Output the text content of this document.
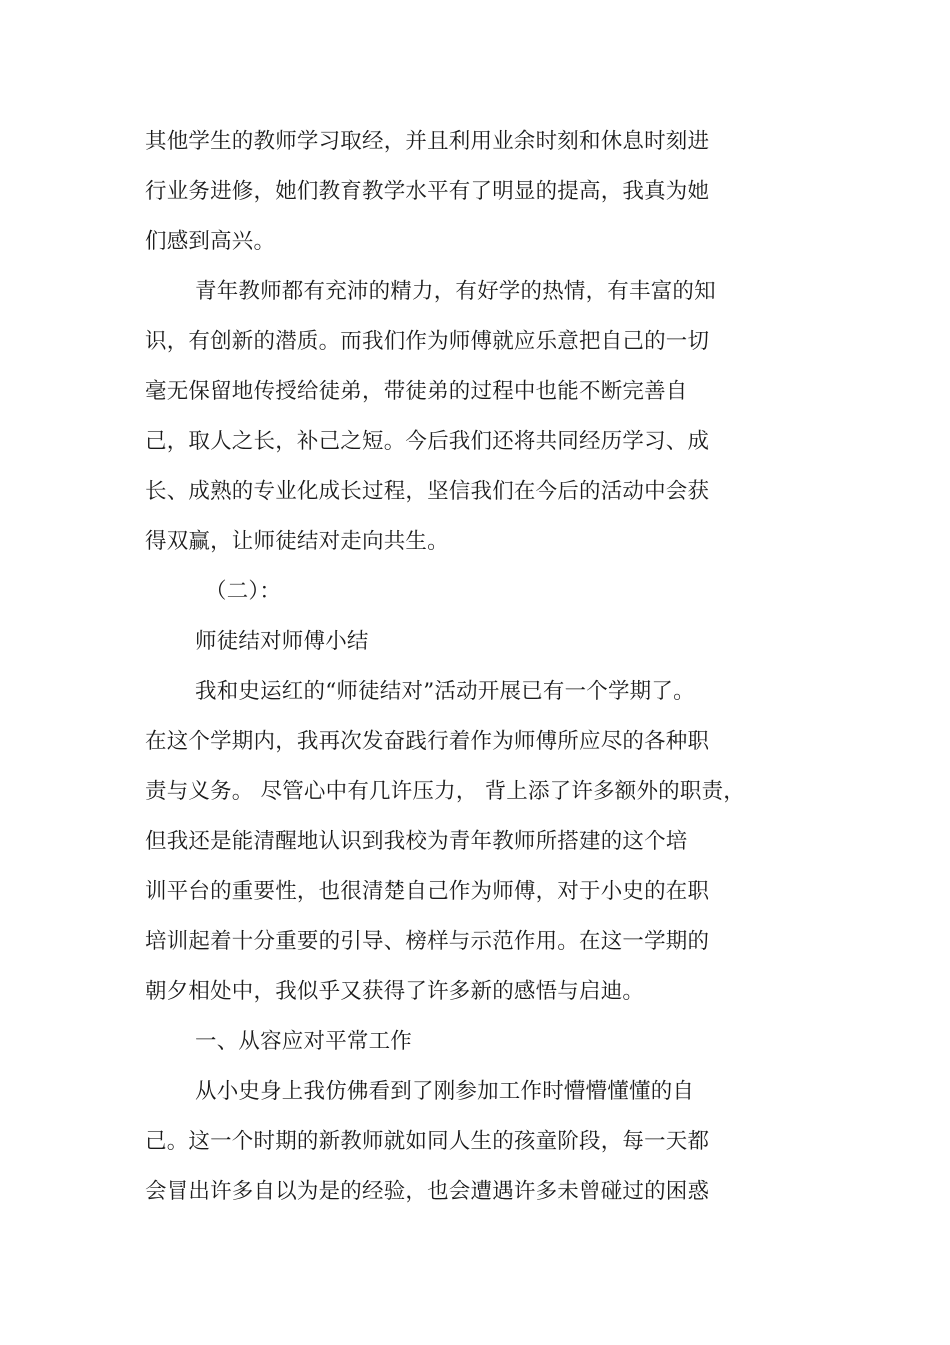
其他学生的教师学习取经，并且利用业余时刻和休息时刻进

行业务进修，她们教育教学水平有了明显的提高，我真为她

们感到高兴。

青年教师都有充沛的精力，有好学的热情，有丰富的知

识，有创新的潜质。而我们作为师傅就应乐意把自己的一切

毫无保留地传授给徒弟，带徒弟的过程中也能不断完善自

己，取人之长，补己之短。今后我们还将共同经历学习、成

长、成熟的专业化成长过程，坚信我们在今后的活动中会获

得双赢，让师徒结对走向共生。

（二）：

师徒结对师傅小结

我和史运红的“师徒结对”活动开展已有一个学期了。

在这个学期内，我再次发奋践行着作为师傅所应尽的各种职

责与义务。 尽管心中有几许压力， 背上添了许多额外的职责，

但我还是能清醒地认识到我校为青年教师所搭建的这个培

训平台的重要性，也很清楚自己作为师傅，对于小史的在职

培训起着十分重要的引导、榜样与示范作用。在这一学期的

朝夕相处中，我似乎又获得了许多新的感悟与启迪。

一、从容应对平常工作

从小史身上我仿佛看到了刚参加工作时懵懵懂懂的自

己。这一个时期的新教师就如同人生的孩童阶段，每一天都

会冒出许多自以为是的经验，也会遭遇许多未曾碰过的困惑
